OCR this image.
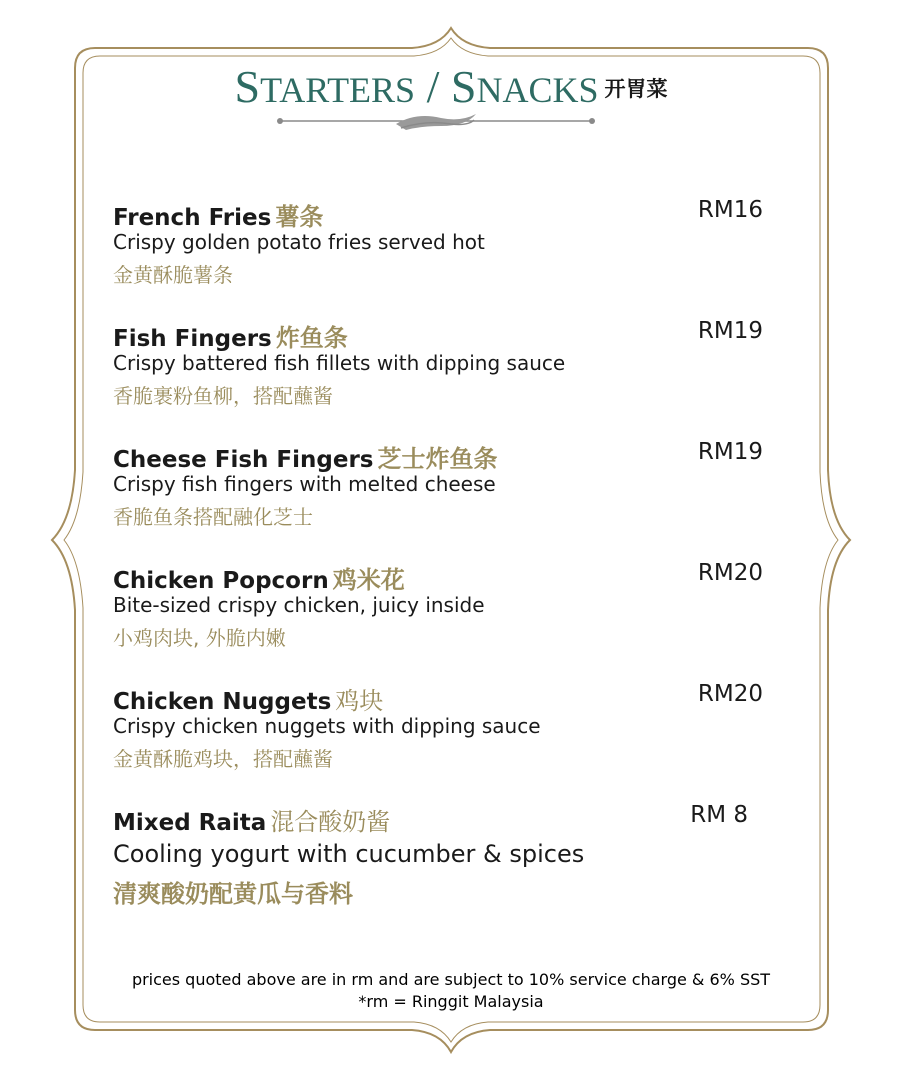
STARTERS / SNACKS 开胃菜
French Fries 薯条	RM16
Crispy golden potato fries served hot
金黄酥脆薯条
Fish Fingers 炸鱼条	RM19
Crispy battered fish fillets with dipping sauce
香脆裹粉鱼柳，搭配蘸酱
Cheese Fish Fingers 芝士炸鱼条	RM19
Crispy fish fingers with melted cheese
香脆鱼条搭配融化芝士
Chicken Popcorn 鸡米花	RM20
Bite-sized crispy chicken, juicy inside
小鸡肉块, 外脆内嫩
Chicken Nuggets 鸡块	RM20
Crispy chicken nuggets with dipping sauce
金黄酥脆鸡块，搭配蘸酱
Mixed Raita 混合酸奶酱	RM 8
Cooling yogurt with cucumber & spices
清爽酸奶配黄瓜与香料
prices quoted above are in rm and are subject to 10% service charge & 6% SST
*rm = Ringgit Malaysia
